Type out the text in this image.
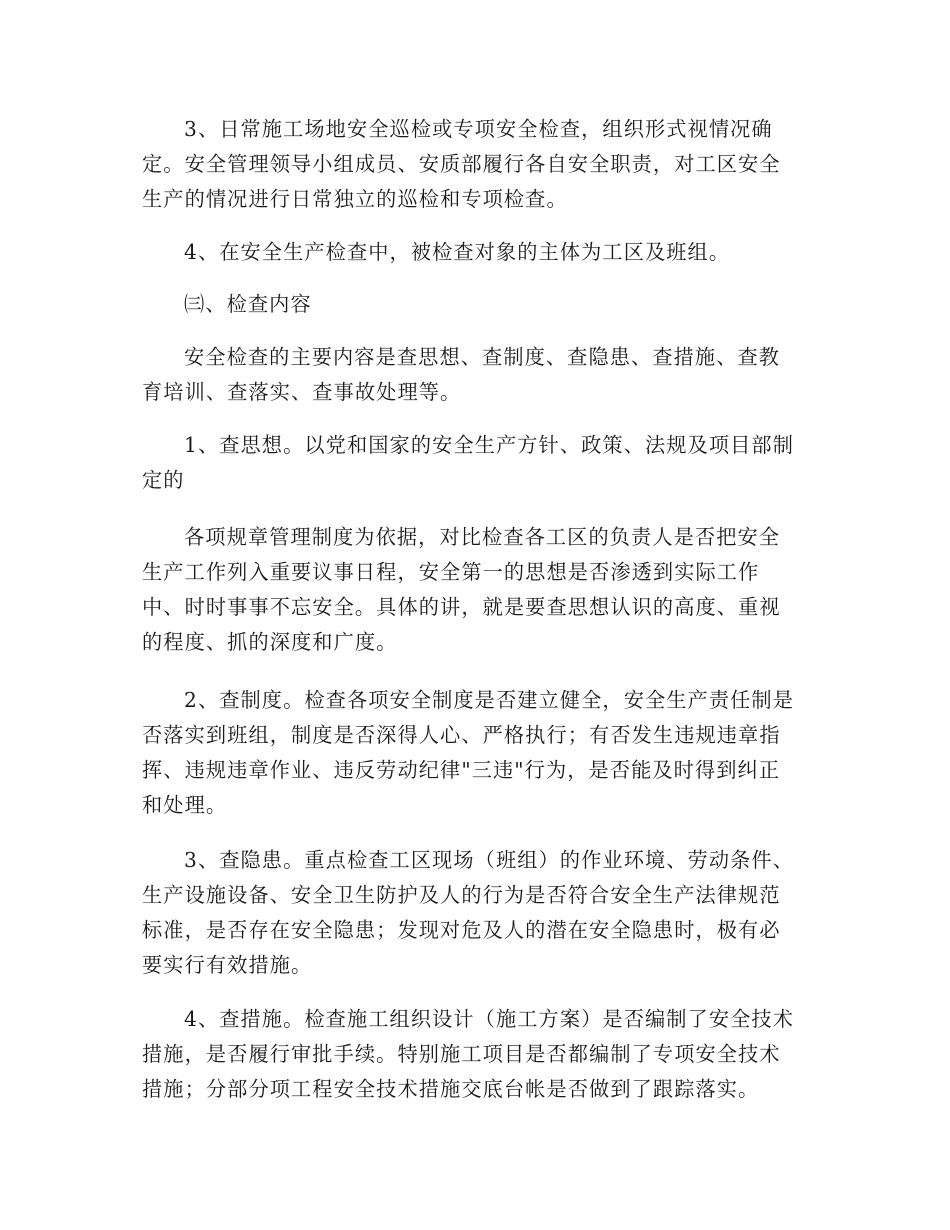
3、日常施工场地安全巡检或专项安全检查，组织形式视情况确
定。安全管理领导小组成员、安质部履行各自安全职责，对工区安全
生产的情况进行日常独立的巡检和专项检查。

4、在安全生产检查中，被检查对象的主体为工区及班组。

㈢、检查内容

安全检查的主要内容是查思想、查制度、查隐患、查措施、查教
育培训、查落实、查事故处理等。

1、查思想。以党和国家的安全生产方针、政策、法规及项目部制
定的

各项规章管理制度为依据，对比检查各工区的负责人是否把安全
生产工作列入重要议事日程，安全第一的思想是否渗透到实际工作
中、时时事事不忘安全。具体的讲，就是要查思想认识的高度、重视
的程度、抓的深度和广度。

2、查制度。检查各项安全制度是否建立健全，安全生产责任制是
否落实到班组，制度是否深得人心、严格执行；有否发生违规违章指
挥、违规违章作业、违反劳动纪律"三违"行为，是否能及时得到纠正
和处理。

3、查隐患。重点检查工区现场（班组）的作业环境、劳动条件、
生产设施设备、安全卫生防护及人的行为是否符合安全生产法律规范
标准，是否存在安全隐患；发现对危及人的潜在安全隐患时，极有必
要实行有效措施。

4、查措施。检查施工组织设计（施工方案）是否编制了安全技术
措施，是否履行审批手续。特别施工项目是否都编制了专项安全技术
措施；分部分项工程安全技术措施交底台帐是否做到了跟踪落实。
